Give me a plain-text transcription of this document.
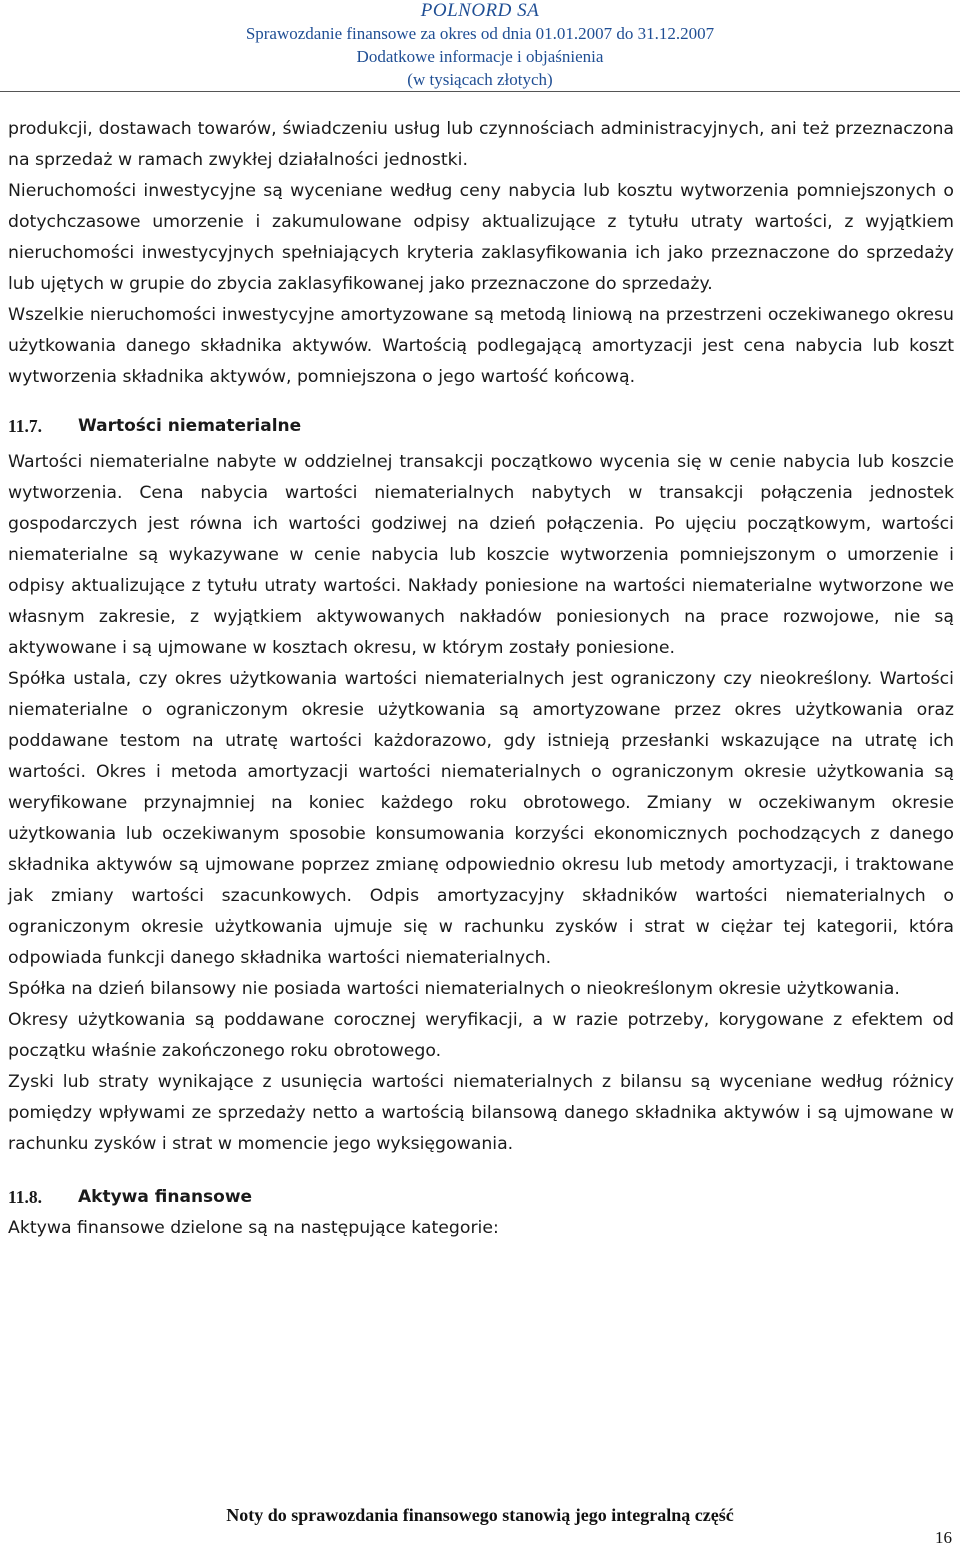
POLNORD SA
Sprawozdanie finansowe za okres od dnia 01.01.2007 do 31.12.2007
Dodatkowe informacje i objaśnienia
(w tysiącach złotych)

produkcji, dostawach towarów, świadczeniu usług lub czynnościach administracyjnych, ani też przeznaczona na sprzedaż w ramach zwykłej działalności jednostki.

Nieruchomości inwestycyjne są wyceniane według ceny nabycia lub kosztu wytworzenia pomniejszonych o dotychczasowe umorzenie i zakumulowane odpisy aktualizujące z tytułu utraty wartości, z wyjątkiem nieruchomości inwestycyjnych spełniających kryteria zaklasyfikowania ich jako przeznaczone do sprzedaży lub ujętych w grupie do zbycia zaklasyfikowanej jako przeznaczone do sprzedaży.

Wszelkie nieruchomości inwestycyjne amortyzowane są metodą liniową na przestrzeni oczekiwanego okresu użytkowania danego składnika aktywów. Wartością podlegającą amortyzacji jest cena nabycia lub koszt wytworzenia składnika aktywów, pomniejszona o jego wartość końcową.

11.7.	Wartości niematerialne

Wartości niematerialne nabyte w oddzielnej transakcji początkowo wycenia się w cenie nabycia lub koszcie wytworzenia. Cena nabycia wartości niematerialnych nabytych w transakcji połączenia jednostek gospodarczych jest równa ich wartości godziwej na dzień połączenia. Po ujęciu początkowym, wartości niematerialne są wykazywane w cenie nabycia lub koszcie wytworzenia pomniejszonym o umorzenie i odpisy aktualizujące z tytułu utraty wartości. Nakłady poniesione na wartości niematerialne wytworzone we własnym zakresie, z wyjątkiem aktywowanych nakładów poniesionych na prace rozwojowe, nie są aktywowane i są ujmowane w kosztach okresu, w którym zostały poniesione.

Spółka ustala, czy okres użytkowania wartości niematerialnych jest ograniczony czy nieokreślony. Wartości niematerialne o ograniczonym okresie użytkowania są amortyzowane przez okres użytkowania oraz poddawane testom na utratę wartości każdorazowo, gdy istnieją przesłanki wskazujące na utratę ich wartości. Okres i metoda amortyzacji wartości niematerialnych o ograniczonym okresie użytkowania są weryfikowane przynajmniej na koniec każdego roku obrotowego. Zmiany w oczekiwanym okresie użytkowania lub oczekiwanym sposobie konsumowania korzyści ekonomicznych pochodzących z danego składnika aktywów są ujmowane poprzez zmianę odpowiednio okresu lub metody amortyzacji, i traktowane jak zmiany wartości szacunkowych. Odpis amortyzacyjny składników wartości niematerialnych o ograniczonym okresie użytkowania ujmuje się w rachunku zysków i strat w ciężar tej kategorii, która odpowiada funkcji danego składnika wartości niematerialnych.

Spółka na dzień bilansowy nie posiada wartości niematerialnych o nieokreślonym okresie użytkowania.

Okresy użytkowania są poddawane corocznej weryfikacji, a w razie potrzeby, korygowane z efektem od początku właśnie zakończonego roku obrotowego.

Zyski lub straty wynikające z usunięcia wartości niematerialnych z bilansu są wyceniane według różnicy pomiędzy wpływami ze sprzedaży netto a wartością bilansową danego składnika aktywów i są ujmowane w rachunku zysków i strat w momencie jego wyksięgowania.

11.8.	Aktywa finansowe

Aktywa finansowe dzielone są na następujące kategorie:

Noty do sprawozdania finansowego stanowią jego integralną część
16
